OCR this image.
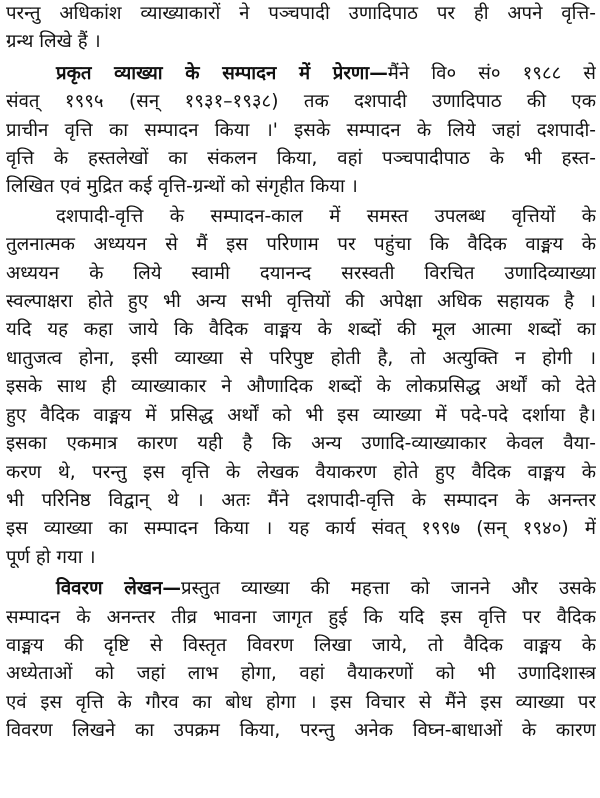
परन्तु अधिकांश व्याख्याकारों ने पञ्चपादी उणादिपाठ पर ही अपने वृत्ति-
ग्रन्थ लिखे हैं ।

प्रकृत व्याख्या के सम्पादन में प्रेरणा—मैंने वि० सं० १९८८ से
संवत् १९९५ (सन् १९३१–१९३८) तक दशपादी उणादिपाठ की एक
प्राचीन वृत्ति का सम्पादन किया ।' इसके सम्पादन के लिये जहां दशपादी-
वृत्ति के हस्तलेखों का संकलन किया, वहां पञ्चपादीपाठ के भी हस्त-
लिखित एवं मुद्रित कई वृत्ति-ग्रन्थों को संगृहीत किया ।

दशपादी-वृत्ति के सम्पादन-काल में समस्त उपलब्ध वृत्तियों के
तुलनात्मक अध्ययन से मैं इस परिणाम पर पहुंचा कि वैदिक वाङ्मय के
अध्ययन के लिये स्वामी दयानन्द सरस्वती विरचित उणादिव्याख्या
स्वल्पाक्षरा होते हुए भी अन्य सभी वृत्तियों की अपेक्षा अधिक सहायक है ।
यदि यह कहा जाये कि वैदिक वाङ्मय के शब्दों की मूल आत्मा शब्दों का
धातुजत्व होना, इसी व्याख्या से परिपुष्ट होती है, तो अत्युक्ति न होगी ।
इसके साथ ही व्याख्याकार ने औणादिक शब्दों के लोकप्रसिद्ध अर्थों को देते
हुए वैदिक वाङ्मय में प्रसिद्ध अर्थों को भी इस व्याख्या में पदे-पदे दर्शाया है।
इसका एकमात्र कारण यही है कि अन्य उणादि-व्याख्याकार केवल वैया-
करण थे, परन्तु इस वृत्ति के लेखक वैयाकरण होते हुए वैदिक वाङ्मय के
भी परिनिष्ठ विद्वान् थे । अतः मैंने दशपादी-वृत्ति के सम्पादन के अनन्तर
इस व्याख्या का सम्पादन किया । यह कार्य संवत् १९९७ (सन् १९४०) में
पूर्ण हो गया ।

विवरण लेखन—प्रस्तुत व्याख्या की महत्ता को जानने और उसके
सम्पादन के अनन्तर तीव्र भावना जागृत हुई कि यदि इस वृत्ति पर वैदिक
वाङ्मय की दृष्टि से विस्तृत विवरण लिखा जाये, तो वैदिक वाङ्मय के
अध्येताओं को जहां लाभ होगा, वहां वैयाकरणों को भी उणादिशास्त्र
एवं इस वृत्ति के गौरव का बोध होगा । इस विचार से मैंने इस व्याख्या पर
विवरण लिखने का उपक्रम किया, परन्तु अनेक विघ्न-बाधाओं के कारण
